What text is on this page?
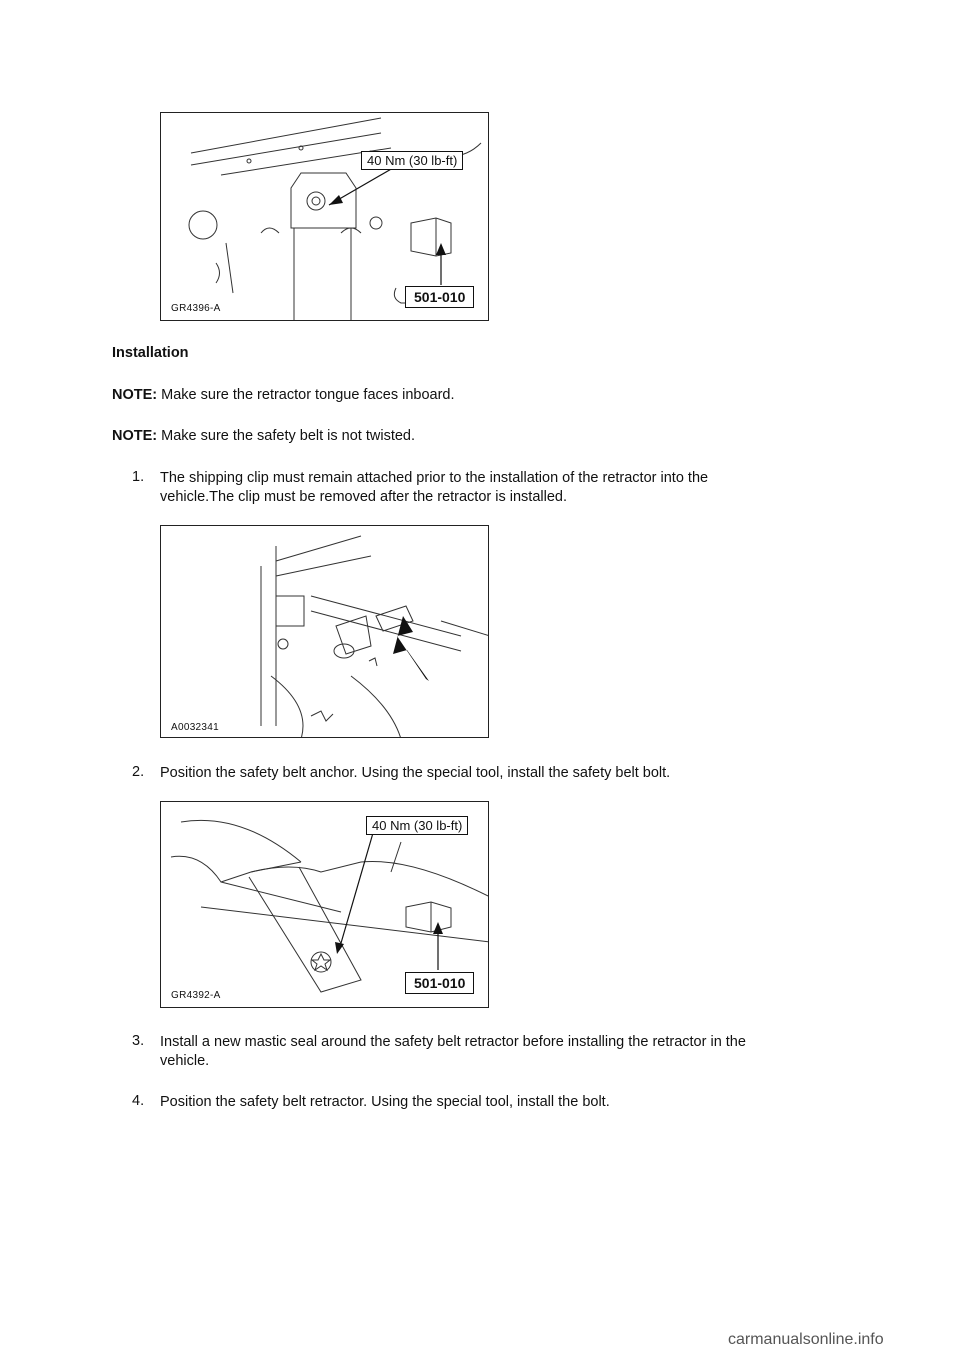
40 Nm (30 lb-ft)
501-010
GR4396-A
Installation
NOTE: Make sure the retractor tongue faces inboard.
NOTE: Make sure the safety belt is not twisted.
1. The shipping clip must remain attached prior to the installation of the retractor into the
vehicle.The clip must be removed after the retractor is installed.
A0032341
2. Position the safety belt anchor. Using the special tool, install the safety belt bolt.
40 Nm (30 lb-ft)
501-010
GR4392-A
3. Install a new mastic seal around the safety belt retractor before installing the retractor in the
vehicle.
4. Position the safety belt retractor. Using the special tool, install the bolt.
carmanualsonline.info
